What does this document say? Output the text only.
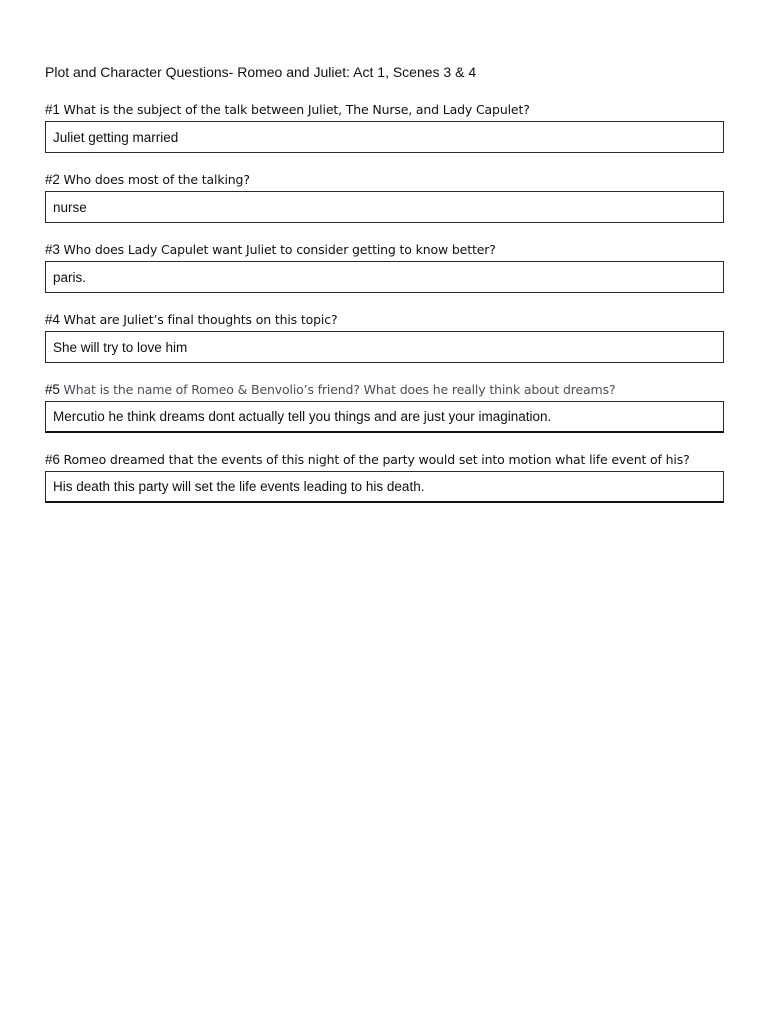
Plot and Character Questions- Romeo and Juliet: Act 1, Scenes 3 & 4
#1 What is the subject of the talk between Juliet, The Nurse, and Lady Capulet?
Juliet getting married
#2 Who does most of the talking?
nurse
#3 Who does Lady Capulet want Juliet to consider getting to know better?
paris.
#4 What are Juliet’s final thoughts on this topic?
She will try to love him
#5 What is the name of Romeo & Benvolio’s friend? What does he really think about dreams?
Mercutio he think dreams dont actually tell you things and are just your imagination.
#6 Romeo dreamed that the events of this night of the party would set into motion what life event of his?
His death this party will set the life events leading to his death.
